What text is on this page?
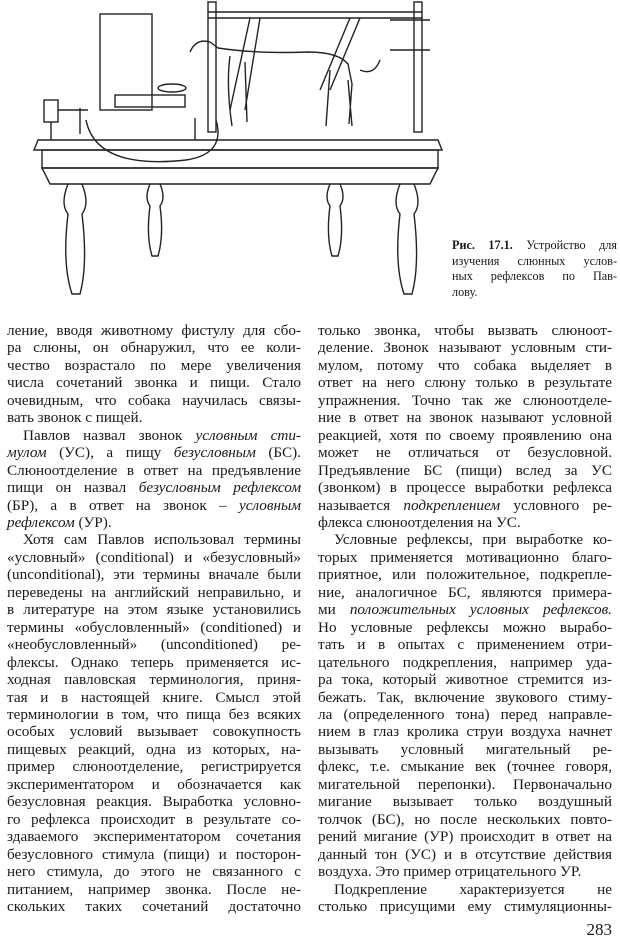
Рис. 17.1. Устройство для
изучения слюнных услов-
ных рефлексов по Пав-
лову.
ление, вводя животному фистулу для сбо-
ра слюны, он обнаружил, что ее коли-
чество возрастало по мере увеличения
числа сочетаний звонка и пищи. Стало
очевидным, что собака научилась связы-
вать звонок с пищей.
Павлов назвал звонок условным сти-
мулом (УС), а пищу безусловным (БС).
Слюноотделение в ответ на предъявление
пищи он назвал безусловным рефлексом
(БР), а в ответ на звонок – условным
рефлексом (УР).
Хотя сам Павлов использовал термины
«условный» (conditional) и «безусловный»
(unconditional), эти термины вначале были
переведены на английский неправильно, и
в литературе на этом языке установились
термины «обусловленный» (conditioned) и
«необусловленный» (unconditioned) ре-
флексы. Однако теперь применяется ис-
ходная павловская терминология, приня-
тая и в настоящей книге. Смысл этой
терминологии в том, что пища без всяких
особых условий вызывает совокупность
пищевых реакций, одна из которых, на-
пример слюноотделение, регистрируется
экспериментатором и обозначается как
безусловная реакция. Выработка условно-
го рефлекса происходит в результате со-
здаваемого экспериментатором сочетания
безусловного стимула (пищи) и посторон-
него стимула, до этого не связанного с
питанием, например звонка. После не-
скольких таких сочетаний достаточно
только звонка, чтобы вызвать слюноот-
деление. Звонок называют условным сти-
мулом, потому что собака выделяет в
ответ на него слюну только в результате
упражнения. Точно так же слюноотделе-
ние в ответ на звонок называют условной
реакцией, хотя по своему проявлению она
может не отличаться от безусловной.
Предъявление БС (пищи) вслед за УС
(звонком) в процессе выработки рефлекса
называется подкреплением условного ре-
флекса слюноотделения на УС.
Условные рефлексы, при выработке ко-
торых применяется мотивационно благо-
приятное, или положительное, подкрепле-
ние, аналогичное БС, являются примера-
ми положительных условных рефлексов.
Но условные рефлексы можно вырабо-
тать и в опытах с применением отри-
цательного подкрепления, например уда-
ра тока, который животное стремится из-
бежать. Так, включение звукового стиму-
ла (определенного тона) перед направле-
нием в глаз кролика струи воздуха начнет
вызывать условный мигательный ре-
флекс, т.е. смыкание век (точнее говоря,
мигательной перепонки). Первоначально
мигание вызывает только воздушный
толчок (БС), но после нескольких повто-
рений мигание (УР) происходит в ответ на
данный тон (УС) и в отсутствие действия
воздуха. Это пример отрицательного УР.
Подкрепление характеризуется не
столько присущими ему стимуляционны-
283
